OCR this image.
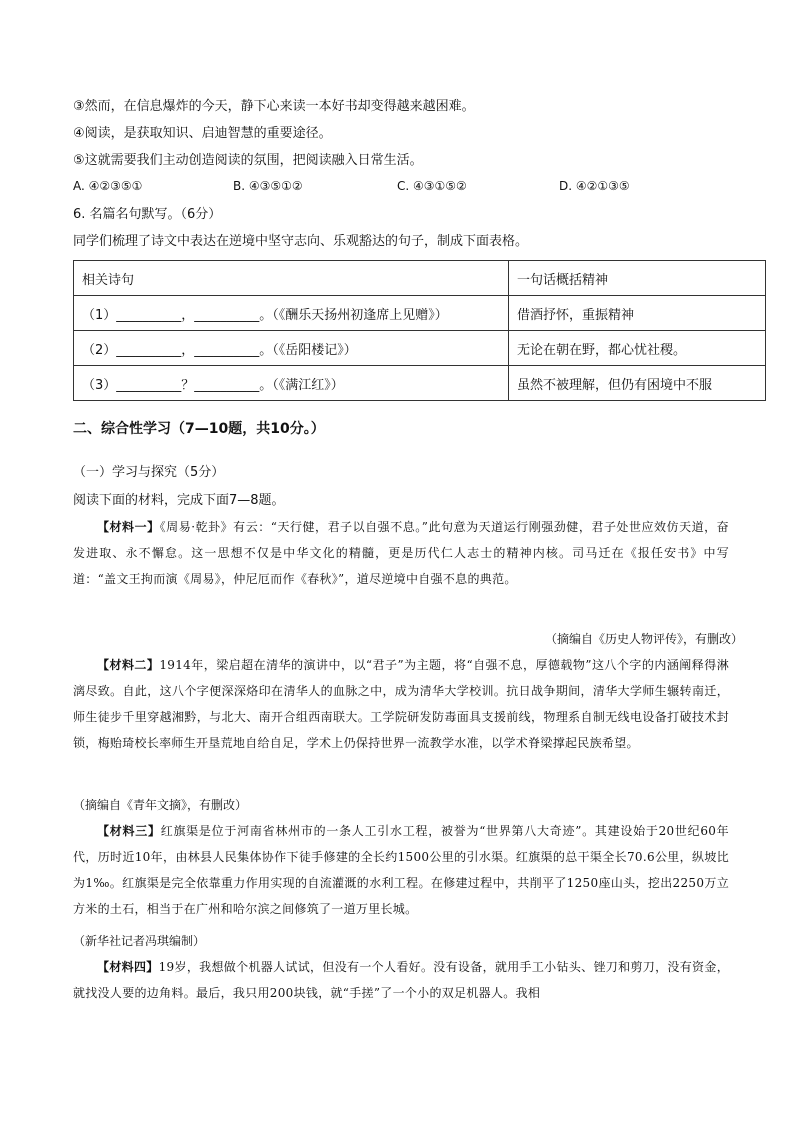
③然而，在信息爆炸的今天，静下心来读一本好书却变得越来越困难。
④阅读，是获取知识、启迪智慧的重要途径。
⑤这就需要我们主动创造阅读的氛围，把阅读融入日常生活。
A. ④②③⑤①	B. ④③⑤①②	C. ④③①⑤②	D. ④②①③⑤
6. 名篇名句默写。（6分）
同学们梳理了诗文中表达在逆境中坚守志向、乐观豁达的句子，制成下面表格。
相关诗句	一句话概括精神
（1）__________，__________。（《酬乐天扬州初逢席上见赠》）	借酒抒怀，重振精神
（2）__________，__________。（《岳阳楼记》）	无论在朝在野，都心忧社稷。
（3）__________？__________。（《满江红》）	虽然不被理解，但仍有困境中不服
二、综合性学习（7—10题，共10分。）
（一）学习与探究（5分）
阅读下面的材料，完成下面7—8题。
【材料一】《周易·乾卦》有云：“天行健，君子以自强不息。”此句意为天道运行刚强劲健，君子处世应效仿天道，奋发进取、永不懈怠。这一思想不仅是中华文化的精髓，更是历代仁人志士的精神内核。司马迁在《报任安书》中写道：“盖文王拘而演《周易》，仲尼厄而作《春秋》”，道尽逆境中自强不息的典范。
（摘编自《历史人物评传》，有删改）
【材料二】1914年，梁启超在清华的演讲中，以“君子”为主题，将“自强不息，厚德载物”这八个字的内涵阐释得淋漓尽致。自此，这八个字便深深烙印在清华人的血脉之中，成为清华大学校训。抗日战争期间，清华大学师生辗转南迁，师生徒步千里穿越湘黔，与北大、南开合组西南联大。工学院研发防毒面具支援前线，物理系自制无线电设备打破技术封锁，梅贻琦校长率师生开垦荒地自给自足，学术上仍保持世界一流教学水准，以学术脊梁撑起民族希望。
（摘编自《青年文摘》，有删改）
【材料三】红旗渠是位于河南省林州市的一条人工引水工程，被誉为“世界第八大奇迹”。其建设始于20世纪60年代，历时近10年，由林县人民集体协作下徒手修建的全长约1500公里的引水渠。红旗渠的总干渠全长70.6公里，纵坡比为1‰。红旗渠是完全依靠重力作用实现的自流灌溉的水利工程。在修建过程中，共削平了1250座山头，挖出2250万立方米的土石，相当于在广州和哈尔滨之间修筑了一道万里长城。
（新华社记者冯琪编制）
【材料四】19岁，我想做个机器人试试，但没有一个人看好。没有设备，就用手工小钻头、锉刀和剪刀，没有资金，就找没人要的边角料。最后，我只用200块钱，就“手搓”了一个小的双足机器人。我相
